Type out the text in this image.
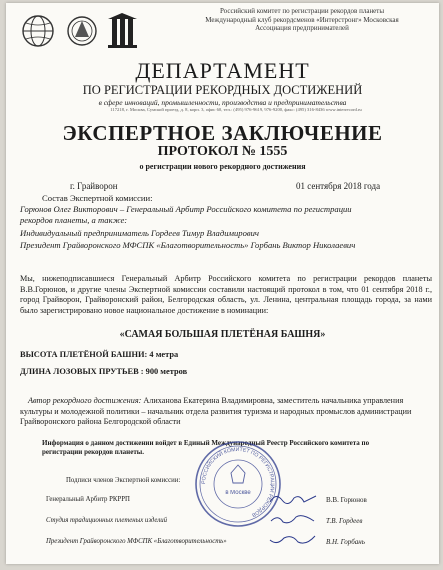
Российский комитет по регистрации рекордов планеты
Международный клуб рекордсменов «Интерстронг» Московская
Ассоциация предпринимателей
ДЕПАРТАМЕНТ
ПО РЕГИСТРАЦИИ РЕКОРДНЫХ ДОСТИЖЕНИЙ
в сфере инноваций, промышленности, производства и предпринимательства
117218, г. Москва, Сумской проезд, д. 8, корп. 3, офис 60, тел.: (495) 976-9619, 976-9200, факс: (495) 316-8436 www.interrecord.ru
ЭКСПЕРТНОЕ ЗАКЛЮЧЕНИЕ
ПРОТОКОЛ № 1555
о регистрации нового рекордного достижения
г. Грайворон	01 сентября 2018 года
Состав Экспертной комиссии:
Горюнов Олег Викторович – Генеральный Арбитр Российского комитета по регистрации
рекордов планеты, а также:
Индивидуальный предприниматель Гордеев Тимур Владимирович
Президент Грайворонского МФСПК «Благотворительность» Горбань Виктор Николаевич
Мы, нижеподписавшиеся Генеральный Арбитр Российского комитета по регистрации рекордов планеты В.В.Горюнов, и другие члены Экспертной комиссии составили настоящий протокол в том, что 01 сентября 2018 г., город Грайворон, Грайворонский район, Белгородская область, ул. Ленина, центральная площадь города, за нами было зарегистрировано новое национальное достижение в номинации:
«САМАЯ БОЛЬШАЯ ПЛЕТЁНАЯ БАШНЯ»
ВЫСОТА ПЛЕТЁНОЙ БАШНИ: 4 метра
ДЛИНА ЛОЗОВЫХ ПРУТЬЕВ : 900 метров
Автор рекордного достижения: Алиханова Екатерина Владимировна, заместитель начальника управления культуры и молодежной политики – начальник отдела развития туризма и народных промыслов администрации Грайворонского района Белгородской области
Информация о данном достижении войдет в Единый Международный Реестр Российского комитета по регистрации рекордов планеты.
Подписи членов Экспертной комиссии:
Генеральный Арбитр РКРРП	В.В. Горюнов
Студия традиционных плетеных изделий	Т.В. Гордеев
Президент Грайворонского МФСПК «Благотворительность»	В.Н. Горбань
РОССИЙСКИЙ КОМИТЕТ ПО РЕГИСТРАЦИИ РЕКОРДОВ
в Москве
